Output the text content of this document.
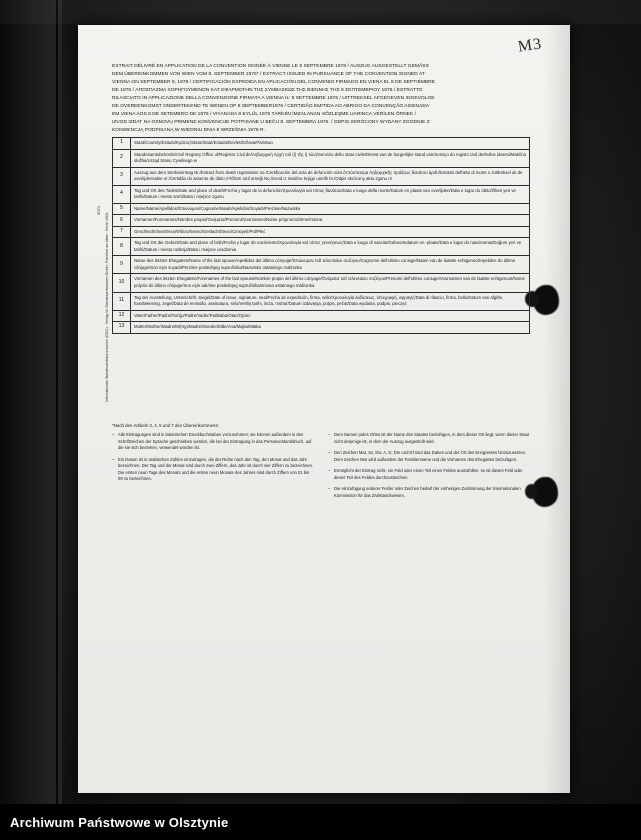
M3
EXTRAIT DÉLIVRÉ EN APPLICATION DE LA CONVENTION SIGNÉE À VIENNE LE 8 SEPTEMBRE 1976 / AUSZUG AUSGESTELLT GEMÄSS
DEM ÜBEREINKOMMEN VON WIEN VOM 8. SEPTEMBER 1976* / EXTRACT ISSUED IN PURSUANCE OF THE CONVENTION SIGNED AT
VIENNA ON SEPTEMBER 8, 1976 / CERTIFICACIÓN EXPEDIDA EN APLICACIÓN DEL CONVENIO FIRMADO EN VIENA EL 8 DE SEPTIEMBRE
DE 1976 / ΑΠΟΣΠΑΣΜΑ ΧΟΡΗΓΟΥΜΕΝΟΝ ΚΑΤ ΕΦΑΡΜΟΓΗΝ ΤΗΣ ΣΥΜΒΑΣΕΩΣ ΤΗΣ ΒΙΕΝΝΗΣ ΤΗΣ 8 ΣΕΠΤΕΜΒΡΙΟΥ 1976 / ESTRATTO
RILASCIATO IN APPLICAZIONE DELLA CONVENZIONE FIRMATA A VIENNA IL' 8 SETTEMBRE 1976 / UITTREKSEL AFGEGEVEN INGEVOLGE
DE OVEREENKOMST ONDERTEKEND TE WENEN OP 8 SEPTEMBER1976 / CERTIDÃO EMITIDA AO ABRIGO DA CONVENÇÃO ASSINADA
EM VIENA AOS 8 DE SETEMBRO DE 1976 / VIYANADA 8 EYLÜL 1976 TARİHİN İMZALANAN SÖZLEŞME UARINCA VERİLEN ÖRNEK /
IZVOD IZDAT NA OSNOVU PRIMENE KONVENCIJE POTPISANE U BEČU 8. SEPTEMBRA 1976. / ODPIS SKRÓCONY WYDANY ZGODNIE Z
KONWENCJĄ PODPISANĄ W WIEDNIU DNIA 8 WRZEŚNIA 1976 R.
1	Staat/Country/Estado/Κράτος/Stato/Staat/Estado/Devlet/Država/Państwo
2	Standesamtsbehörde/Civil Registry Office of/Registro Civil de/Ληξιαρχική Αρχή τοῦ (ἤ τῆς ἤ τῶν)/Servizio dello stato civile/Dienst van de burgerlijke stand van/Serviço do registo civil de/Nüfus İdaresi/Matična služba/Urząd Stanu Cywilnego w
3	Auszug aus dem Sterbeeintrag Nr./Extract from death registration no./Certificación del acta de defunción núm./Ἀπόσπασμα Ληξιαρχικῆς πράξεως θανάτου ἀριθ./Estratto dell'atto di morte n./Uittreksel uit de overlijdensakte nr./Certidão do assento de óbito nº/Ölüm sicil örneği No./Izvod iz matične knjige umrlih br./Odpis skrócony aktu zgonu nr
4	Tag und Ort des Todes/Date and place of death/Fecha y lugar de la defunción/Χρονολογία καὶ τόπος θανάτου/Data e luogo della morte/Datum en plaats van overlijden/Data e lugar do óbito/Ölüm yeri ve tarihi/Datum i mesto smrti/Data i miejsce zgonu
5	Name/Name/Apellidos/Ἐπώνυμον/Cognome/Naam/Apelidos/Soyadı/Prezime/Nazwisko
6	Vornamen/Forenames/Nombre propio/Ὀνόματα/Prenomi/Voornamen/Nome próprio/Adı/Ime/Imiona
7	Geschlecht/Sex/Sexo/Φῦλον/Sesso/Geslacht/Sexo/Cinsiyeti/Pol/Płeć
8	Tag und Ort der Geburt/Date and place of birth/Fecha y lugar de nacimiento/Χρονολογία καὶ τόπος γεννήσεως/Data e luogo di nascita/Geboortedatum en -plaats/Data e lugar do nascimento/Doğum yeri ve tarihi/Datum i mesto rođenja/Data i miejsce urodzenia
9	Name des letzten Ehegatten/Name of the last spouse/Apellidos del último cónyuge/Ἐπώνυμον τοῦ τελευταίου συζύγου/Cognome dell'ultimo coniuge/Naam van de laatste echtgenoot/Apelidos do último cônjuge/Son eşin soyadı/Prezime poslednjeg supružnika/Nazwisko ostatniego małżonka
10	Vornamen des letzten Ehegatten/Forenames of the last spouse/Nombre propio del último cónyuge/Ὀνόματα τοῦ τελευταίου συζύγου/Prenomi dell'ultimo coniuge/Voornamen van de laatste echtgenoot/Nome próprio do último cônjuge/Son eşin adı/Ime poslednjeg supružnika/Imiona ostatniego małżonka
11	Tag der Ausstellung, Unterschrift, Siegel/Date of issue, signature, seal/Fecha de expedición, firma, sello/Χρονολογία ἐκδόσεως, ὑπογραφή, σφραγίς/Data di rilascio, firma, bollo/Datum van afgifte, handtekening, zegel/Data de emissão, assinatura, selo/Veriliş tarihi, imza, mühür/Datum izdavanja, potpis, pečat/Data wydania, podpis, pieczęć
12	Vater/Father/Padre/Πατήρ/Padre/Vader/Pai/Baba/Otac/Ojciec
13	Mutter/Mother/Madre/Μήτηρ/Madre/Moeder/Mãe/Ana/Majka/Matka
*Nach den Artikeln 3, 4, 5 und 7 des Übereinkommens:
– Alle Eintragungen sind in lateinischen Druckbuchstaben vorzunehmen; sie können außerdem in den Schriftzeichen der Sprache geschrieben werden, die bei der Eintragung in das Personenstandsbuch, auf die sie sich beziehen, verwendet worden ist.
– Ein Datum ist in arabischen Zahlen einzutragen, die der Reihe nach den Tag, den Monat und das Jahr bezeichnen. Der Tag und der Monat sind durch zwei Ziffern, das Jahr ist durch vier Ziffern zu bezeichnen. Die ersten neun Tage des Monats und die ersten neun Monate des Jahres sind durch Ziffern von 01 bis 09 zu bezeichnen.
– Dem Namen jedes Ortes ist der Name des Staates beizufügen, in dem dieser Ort liegt, wenn dieser Staat nicht derjenige ist, in dem der Auszug ausgestellt wird.
– Den Zeichen Mar, Sc, Div, A, D, Dm und Df sind das Datum und der Ort des Ereignisses hinzuzusetzen. Dem Zeichen Mar wird außerdem der Familienname und die Vornamen des Ehegatten beizufügen.
– Ermöglicht der Eintrag nicht, ein Feld oder einen Teil eines Feldes auszufüllen, so ist dieses Feld oder dieser Teil des Feldes durchzustreichen.
– Die Hinzufügung anderer Felder oder Zeichen bedarf der vorherigen Zustimmung der Internationalen Kommission für das Zivilstandswesen.
Internationale Standesamtskommission (CIEC) · Verlag für Standesamtswesen GmbH, Frankfurt am Main · Berlin 2004
5074
Archiwum Państwowe w Olsztynie
